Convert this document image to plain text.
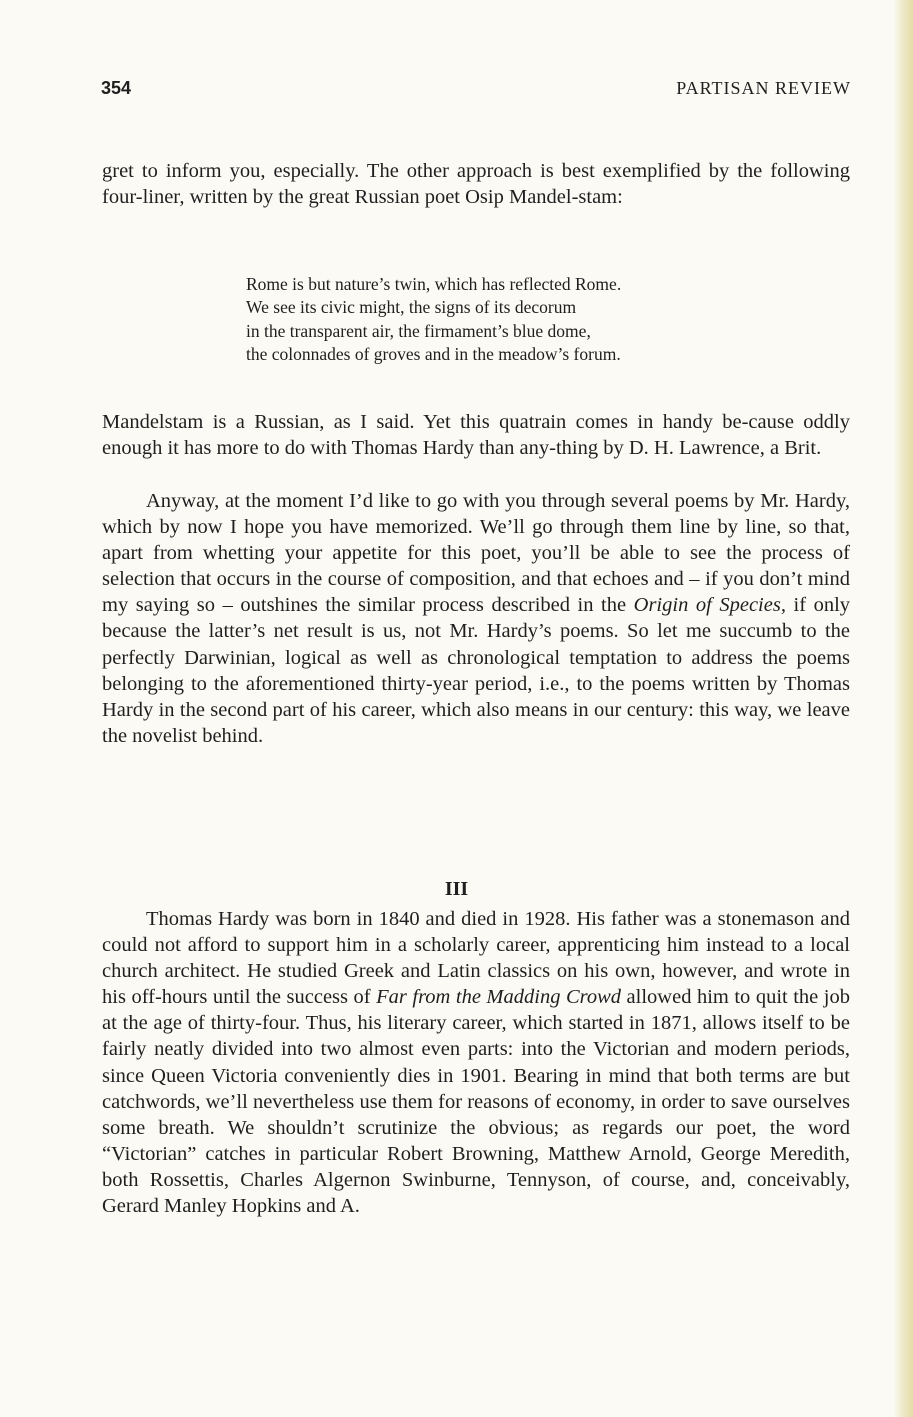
354	PARTISAN REVIEW

gret to inform you, especially. The other approach is best exemplified by the following four-liner, written by the great Russian poet Osip Mandel-stam:

Rome is but nature’s twin, which has reflected Rome.
We see its civic might, the signs of its decorum
in the transparent air, the firmament’s blue dome,
the colonnades of groves and in the meadow’s forum.

Mandelstam is a Russian, as I said. Yet this quatrain comes in handy be-cause oddly enough it has more to do with Thomas Hardy than any-thing by D. H. Lawrence, a Brit.

Anyway, at the moment I’d like to go with you through several poems by Mr. Hardy, which by now I hope you have memorized. We’ll go through them line by line, so that, apart from whetting your appetite for this poet, you’ll be able to see the process of selection that occurs in the course of composition, and that echoes and – if you don’t mind my saying so – outshines the similar process described in the Origin of Species, if only because the latter’s net result is us, not Mr. Hardy’s poems. So let me succumb to the perfectly Darwinian, logical as well as chronological temptation to address the poems belonging to the aforementioned thirty-year period, i.e., to the poems written by Thomas Hardy in the second part of his career, which also means in our century: this way, we leave the novelist behind.

III

Thomas Hardy was born in 1840 and died in 1928. His father was a stonemason and could not afford to support him in a scholarly career, apprenticing him instead to a local church architect. He studied Greek and Latin classics on his own, however, and wrote in his off-hours until the success of Far from the Madding Crowd allowed him to quit the job at the age of thirty-four. Thus, his literary career, which started in 1871, allows itself to be fairly neatly divided into two almost even parts: into the Victorian and modern periods, since Queen Victoria conveniently dies in 1901. Bearing in mind that both terms are but catchwords, we’ll nevertheless use them for reasons of economy, in order to save ourselves some breath. We shouldn’t scrutinize the obvious; as regards our poet, the word “Victorian” catches in particular Robert Browning, Matthew Arnold, George Meredith, both Rossettis, Charles Algernon Swinburne, Tennyson, of course, and, conceivably, Gerard Manley Hopkins and A.
